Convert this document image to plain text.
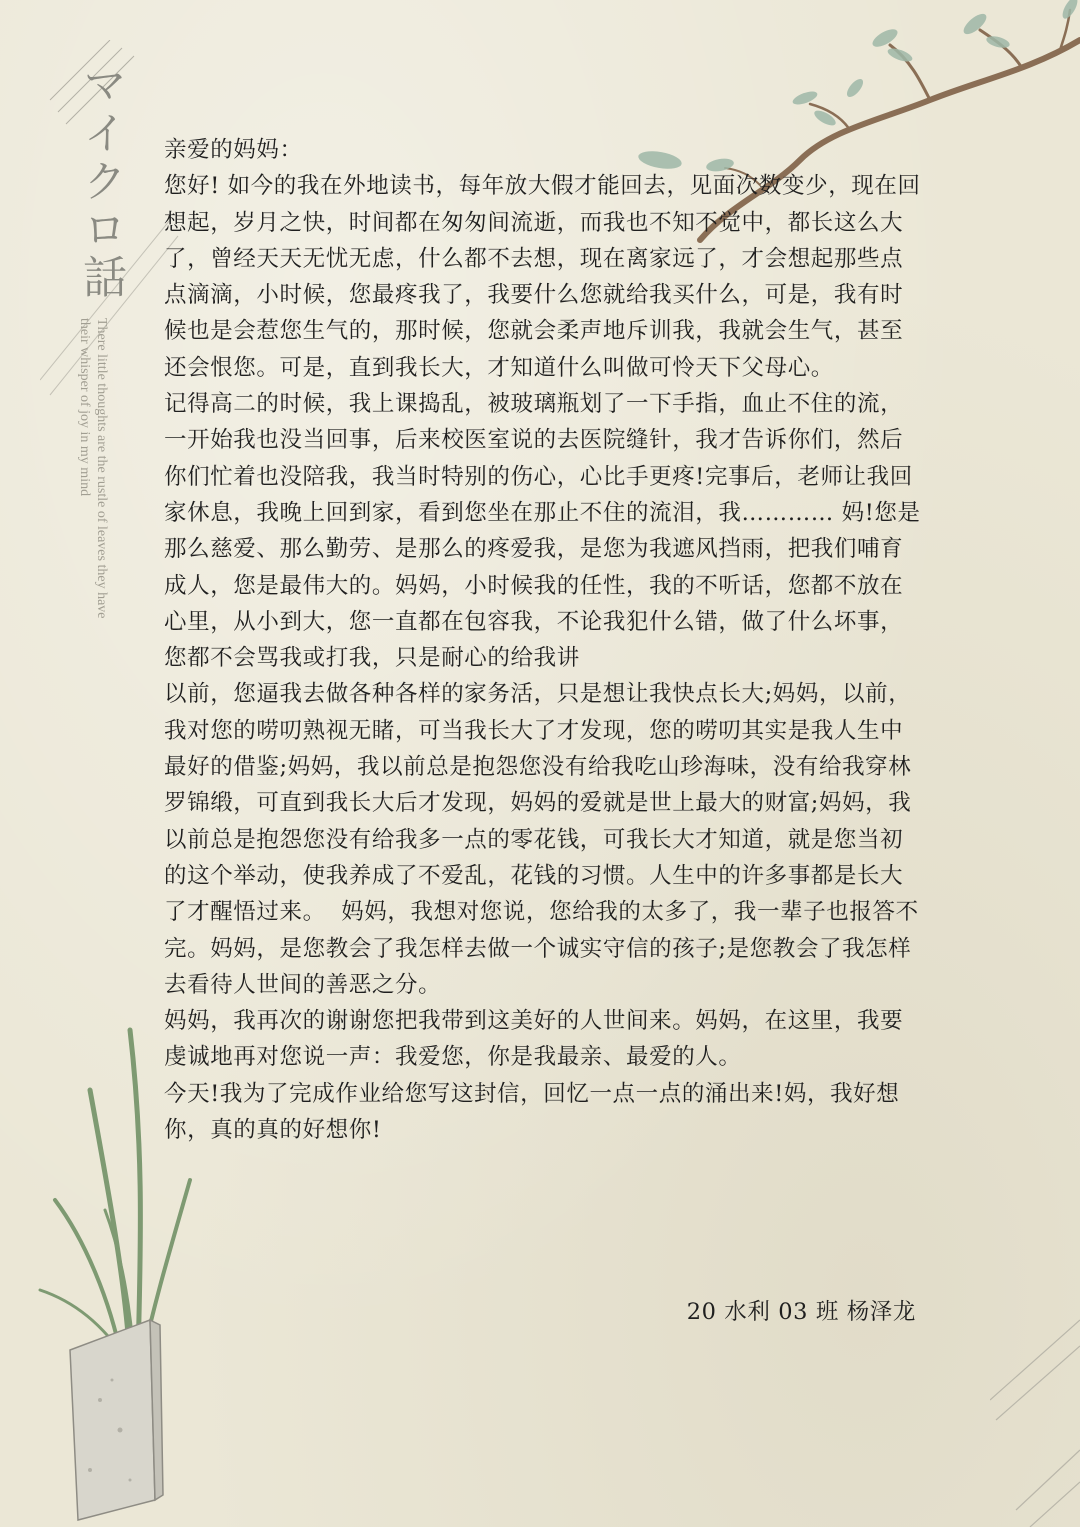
マイクロ話
There little thoughts are the rustle of leaves they have their whisper of joy in my mind

亲爱的妈妈：

您好! 如今的我在外地读书，每年放大假才能回去，见面次数变少，现在回想起，岁月之快，时间都在匆匆间流逝，而我也不知不觉中，都长这么大了，曾经天天无忧无虑，什么都不去想，现在离家远了，才会想起那些点点滴滴，小时候，您最疼我了，我要什么您就给我买什么，可是，我有时候也是会惹您生气的，那时候，您就会柔声地斥训我，我就会生气，甚至还会恨您。可是，直到我长大，才知道什么叫做可怜天下父母心。

记得高二的时候，我上课捣乱，被玻璃瓶划了一下手指，血止不住的流，一开始我也没当回事，后来校医室说的去医院缝针，我才告诉你们，然后你们忙着也没陪我，我当时特别的伤心，心比手更疼!完事后，老师让我回家休息，我晚上回到家，看到您坐在那止不住的流泪，我………… 妈!您是那么慈爱、那么勤劳、是那么的疼爱我，是您为我遮风挡雨，把我们哺育成人，您是最伟大的。妈妈，小时候我的任性，我的不听话，您都不放在心里，从小到大，您一直都在包容我，不论我犯什么错，做了什么坏事，您都不会骂我或打我，只是耐心的给我讲

以前，您逼我去做各种各样的家务活，只是想让我快点长大;妈妈，以前，我对您的唠叨熟视无睹，可当我长大了才发现，您的唠叨其实是我人生中最好的借鉴;妈妈，我以前总是抱怨您没有给我吃山珍海味，没有给我穿林罗锦缎，可直到我长大后才发现，妈妈的爱就是世上最大的财富;妈妈，我以前总是抱怨您没有给我多一点的零花钱，可我长大才知道，就是您当初的这个举动，使我养成了不爱乱，花钱的习惯。人生中的许多事都是长大了才醒悟过来。  妈妈，我想对您说，您给我的太多了，我一辈子也报答不完。妈妈，是您教会了我怎样去做一个诚实守信的孩子;是您教会了我怎样去看待人世间的善恶之分。

妈妈，我再次的谢谢您把我带到这美好的人世间来。妈妈，在这里，我要虔诚地再对您说一声：我爱您，你是我最亲、最爱的人。

今天!我为了完成作业给您写这封信，回忆一点一点的涌出来!妈，我好想你，真的真的好想你!

20 水利 03 班 杨泽龙
